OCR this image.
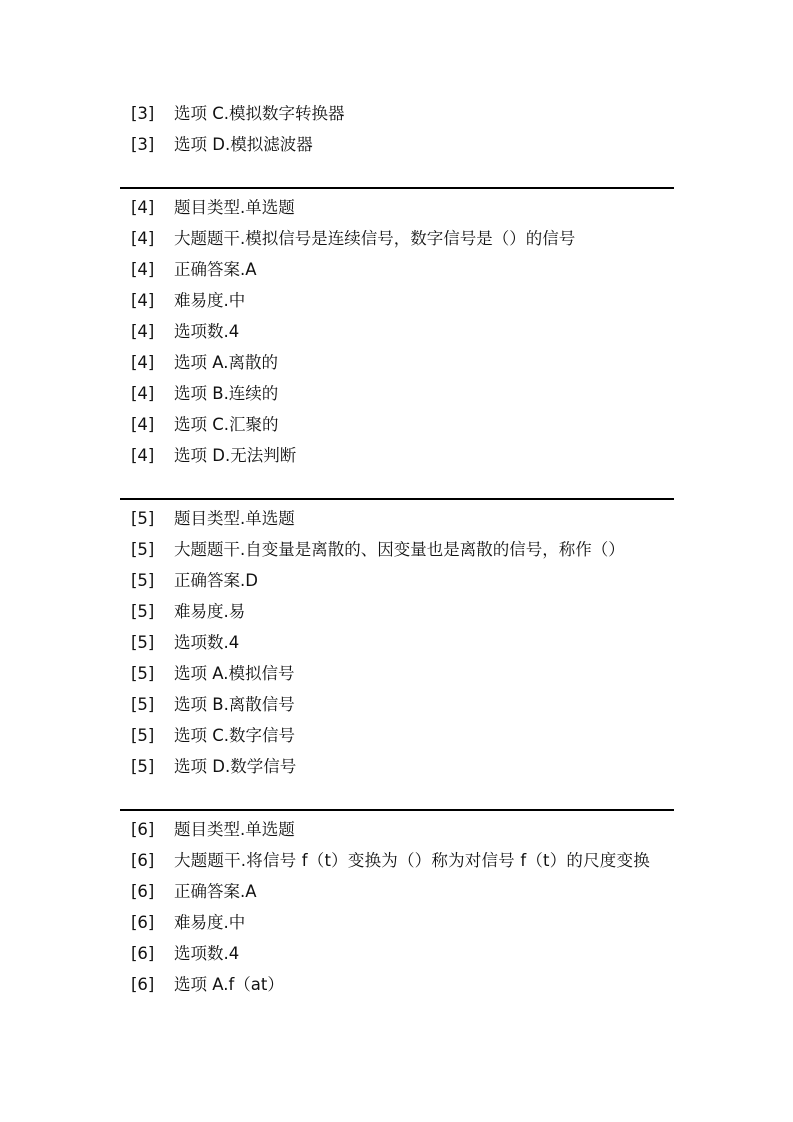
[3] 选项 C.模拟数字转换器
[3] 选项 D.模拟滤波器
[4] 题目类型.单选题
[4] 大题题干.模拟信号是连续信号，数字信号是（）的信号
[4] 正确答案.A
[4] 难易度.中
[4] 选项数.4
[4] 选项 A.离散的
[4] 选项 B.连续的
[4] 选项 C.汇聚的
[4] 选项 D.无法判断
[5] 题目类型.单选题
[5] 大题题干.自变量是离散的、因变量也是离散的信号，称作（）
[5] 正确答案.D
[5] 难易度.易
[5] 选项数.4
[5] 选项 A.模拟信号
[5] 选项 B.离散信号
[5] 选项 C.数字信号
[5] 选项 D.数学信号
[6] 题目类型.单选题
[6]	大题题干.将信号 f（t）变换为（）称为对信号 f（t）的尺度变换
[6] 正确答案.A
[6] 难易度.中
[6] 选项数.4
[6] 选项 A.f（at）
